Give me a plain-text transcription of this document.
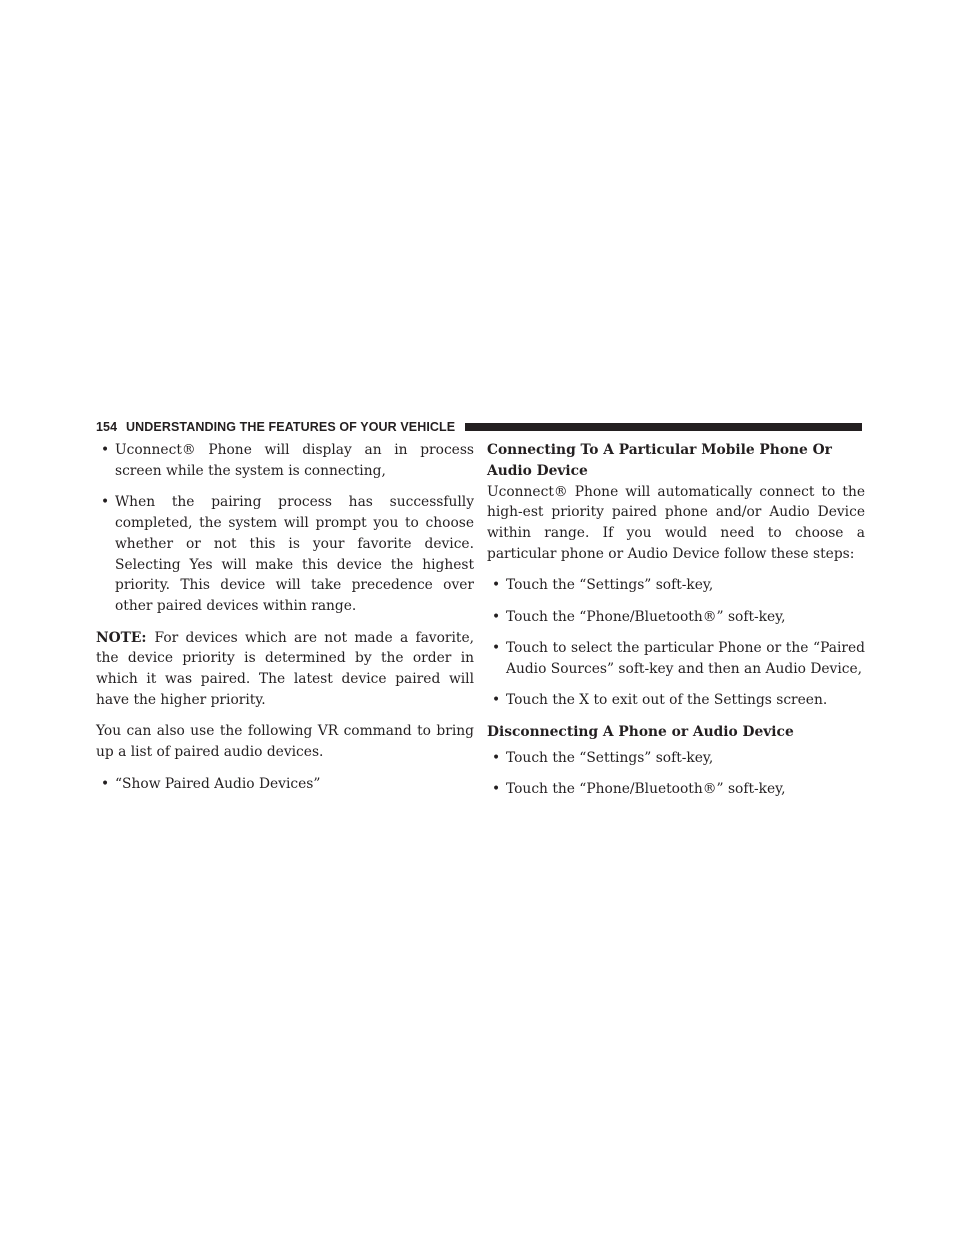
154 UNDERSTANDING THE FEATURES OF YOUR VEHICLE
• Uconnect® Phone will display an in process screen while the system is connecting,
• When the pairing process has successfully completed, the system will prompt you to choose whether or not this is your favorite device. Selecting Yes will make this device the highest priority. This device will take precedence over other paired devices within range.

NOTE: For devices which are not made a favorite, the device priority is determined by the order in which it was paired. The latest device paired will have the higher priority.

You can also use the following VR command to bring up a list of paired audio devices.

• “Show Paired Audio Devices”

Connecting To A Particular Mobile Phone Or Audio Device

Uconnect® Phone will automatically connect to the high-est priority paired phone and/or Audio Device within range. If you would need to choose a particular phone or Audio Device follow these steps:

• Touch the “Settings” soft-key,
• Touch the “Phone/Bluetooth®” soft-key,
• Touch to select the particular Phone or the “Paired Audio Sources” soft-key and then an Audio Device,
• Touch the X to exit out of the Settings screen.

Disconnecting A Phone or Audio Device

• Touch the “Settings” soft-key,
• Touch the “Phone/Bluetooth®” soft-key,
